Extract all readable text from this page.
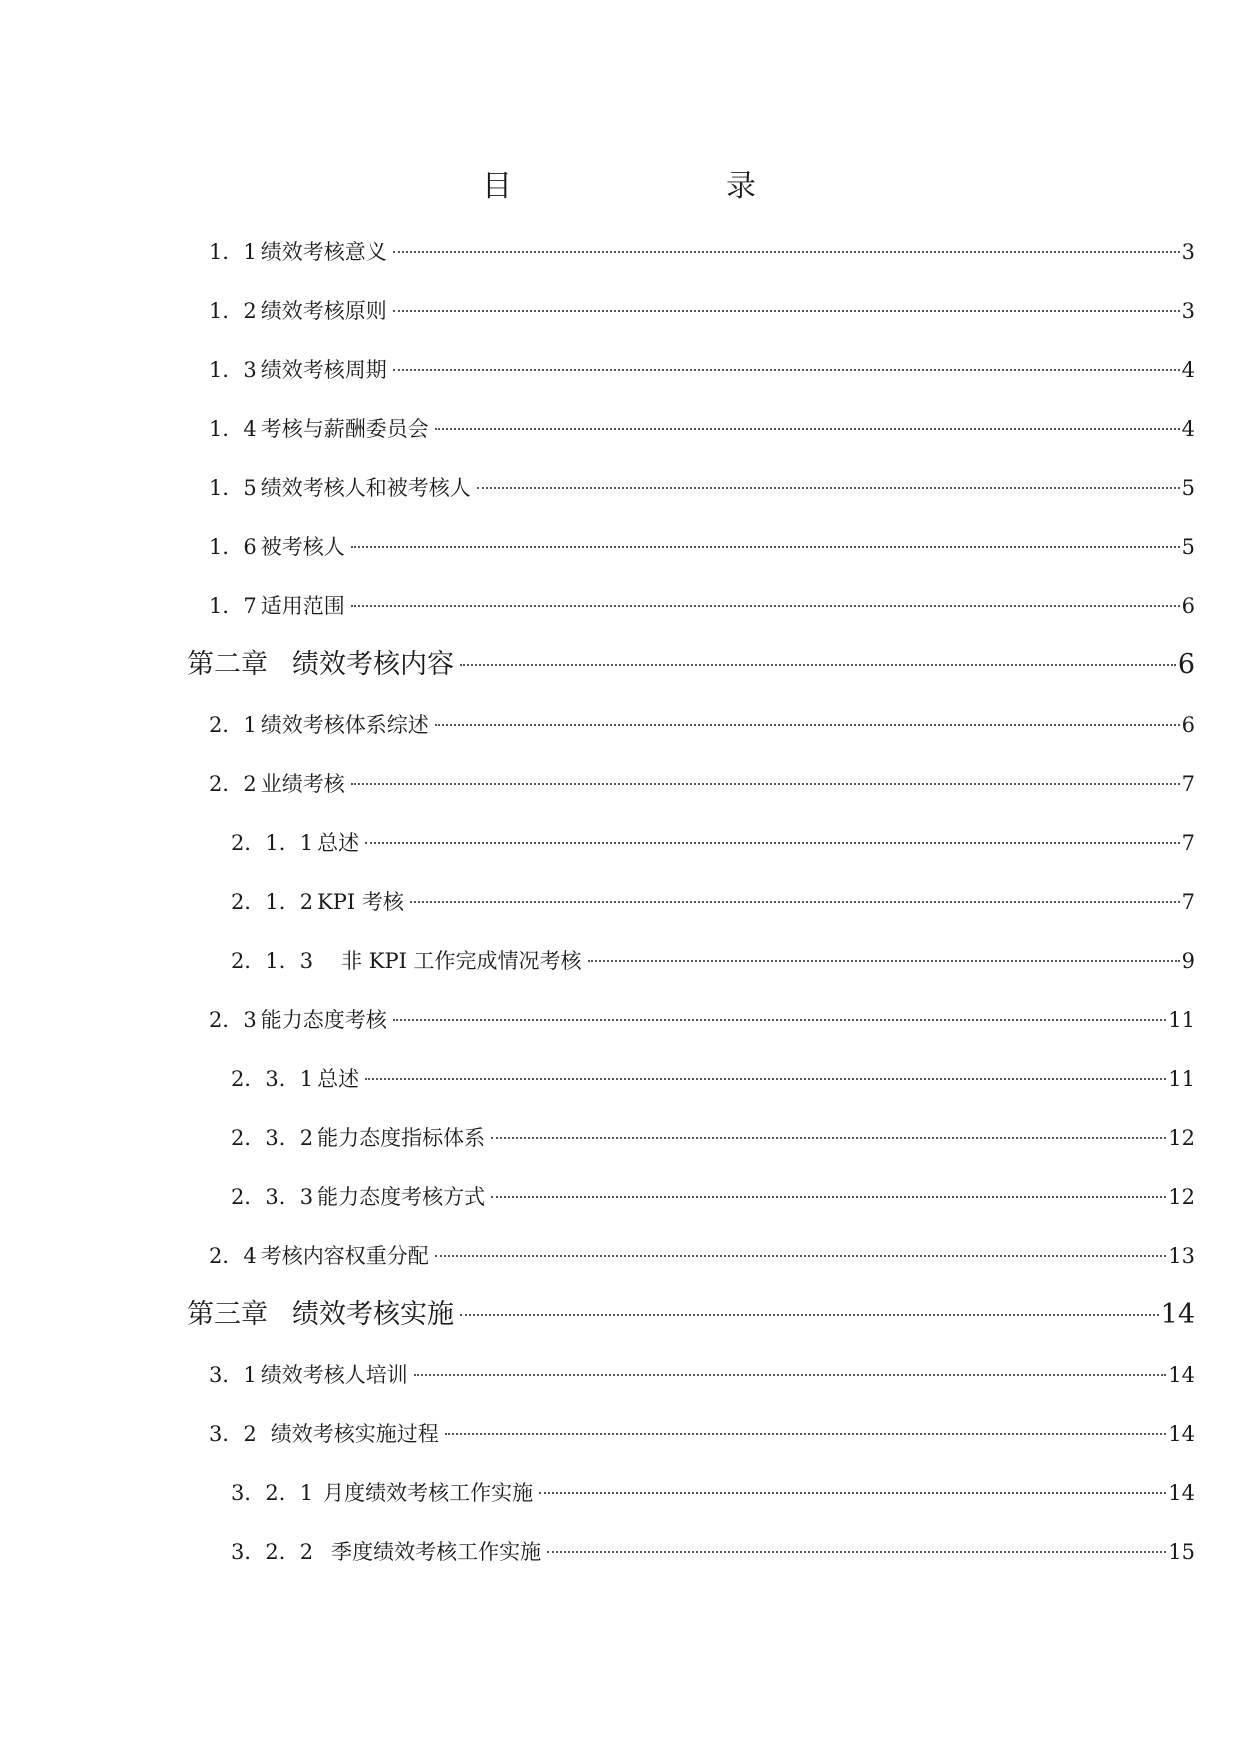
目	录
1．1 绩效考核意义	3
1．2 绩效考核原则	3
1．3 绩效考核周期	4
1．4 考核与薪酬委员会	4
1．5 绩效考核人和被考核人	5
1．6 被考核人	5
1．7 适用范围	6
第二章 绩效考核内容	6
2．1 绩效考核体系综述	6
2．2 业绩考核	7
2．1．1 总述	7
2．1．2 KPI 考核	7
2．1．3 非 KPI 工作完成情况考核	9
2．3 能力态度考核	11
2．3．1 总述	11
2．3．2 能力态度指标体系	12
2．3．3 能力态度考核方式	12
2．4 考核内容权重分配	13
第三章 绩效考核实施	14
3．1 绩效考核人培训	14
3．2 绩效考核实施过程	14
3．2．1 月度绩效考核工作实施	14
3．2．2 季度绩效考核工作实施	15
